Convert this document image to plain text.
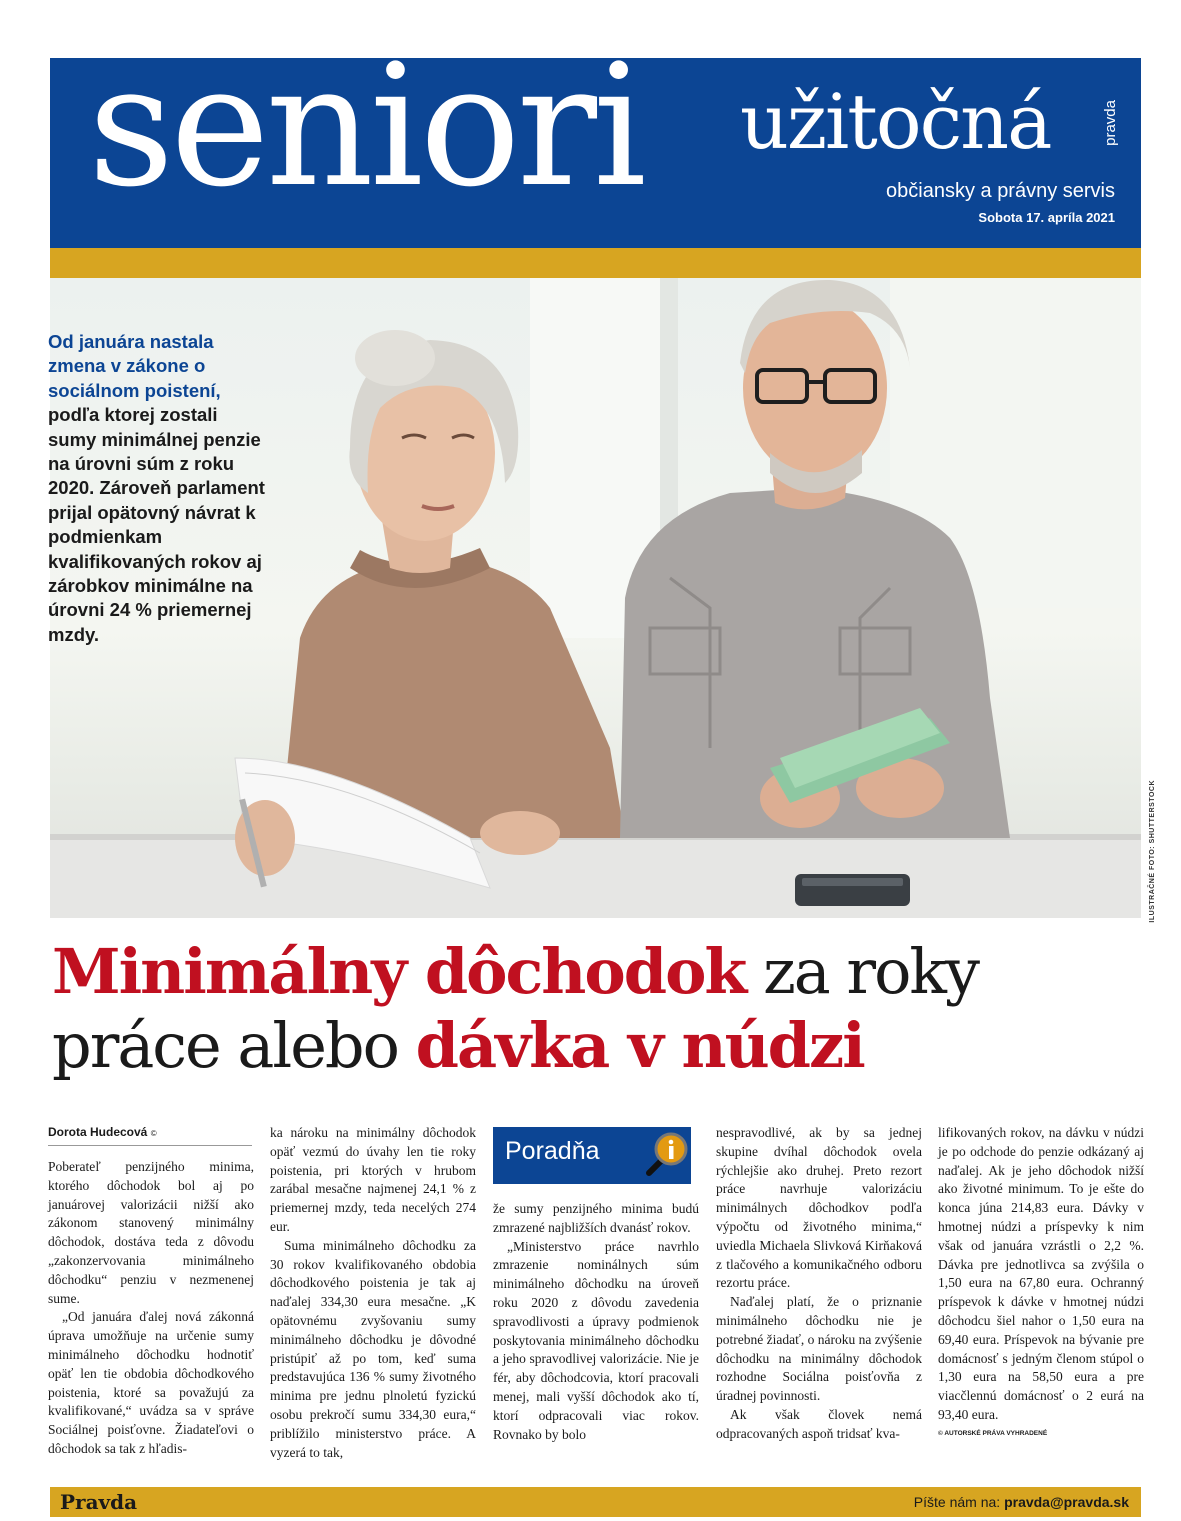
seniori užitočná	pravda
občiansky a právny servis
Sobota 17. apríla 2021

Od januára nastala zmena v zákone o sociálnom poistení, podľa ktorej zostali sumy minimálnej penzie na úrovni súm z roku 2020. Zároveň parlament prijal opätovný návrat k podmienkam kvalifikovaných rokov aj zárobkov minimálne na úrovni 24 % priemernej mzdy.

ILUSTRAČNÉ FOTO: SHUTTERSTOCK
Minimálny dôchodok za roky práce alebo dávka v núdzi
Dorota Hudecová ©

Poberateľ penzijného minima, ktorého dôchodok bol aj po januárovej valorizácii nižší ako zákonom stanovený minimálny dôchodok, dostáva teda z dôvodu „zakonzervovania minimálneho dôchodku“ penziu v nezmenenej sume.

„Od januára ďalej nová zákonná úprava umožňuje na určenie sumy minimálneho dôchodku hodnotiť opäť len tie obdobia dôchodkového poistenia, ktoré sa považujú za kvalifikované,“ uvádza sa v správe Sociálnej poisťovne. Žiadateľovi o dôchodok sa tak z hľadis-

ka nároku na minimálny dôchodok opäť vezmú do úvahy len tie roky poistenia, pri ktorých v hrubom zarábal mesačne najmenej 24,1 % z priemernej mzdy, teda necelých 274 eur.

Suma minimálneho dôchodku za 30 rokov kvalifikovaného obdobia dôchodkového poistenia je tak aj naďalej 334,30 eura mesačne. „K opätovnému zvyšovaniu sumy minimálneho dôchodku je dôvodné pristúpiť až po tom, keď suma predstavujúca 136 % sumy životného minima pre jednu plnoletú fyzickú osobu prekročí sumu 334,30 eura,“ priblížilo ministerstvo práce. A vyzerá to tak,

Poradňa

že sumy penzijného minima budú zmrazené najbližších dvanásť rokov.

„Ministerstvo práce navrhlo zmrazenie nominálnych súm minimálneho dôchodku na úroveň roku 2020 z dôvodu zavedenia spravodlivosti a úpravy podmienok poskytovania minimálneho dôchodku a jeho spravodlivej valorizácie. Nie je fér, aby dôchodcovia, ktorí pracovali menej, mali vyšší dôchodok ako tí, ktorí odpracovali viac rokov. Rovnako by bolo

nespravodlivé, ak by sa jednej skupine dvíhal dôchodok ovela rýchlejšie ako druhej. Preto rezort práce navrhuje valorizáciu minimálnych dôchodkov podľa výpočtu od životného minima,“ uviedla Michaela Slivková Kirňaková z tlačového a komunikačného odboru rezortu práce.

Naďalej platí, že o priznanie minimálneho dôchodku nie je potrebné žiadať, o nároku na zvýšenie dôchodku na minimálny dôchodok rozhodne Sociálna poisťovňa z úradnej povinnosti.

Ak však človek nemá odpracovaných aspoň tridsať kva-

lifikovaných rokov, na dávku v núdzi je po odchode do penzie odkázaný aj naďalej. Ak je jeho dôchodok nižší ako životné minimum. To je ešte do konca júna 214,83 eura. Dávky v hmotnej núdzi a príspevky k nim však od januára vzrástli o 2,2 %. Dávka pre jednotlivca sa zvýšila o 1,50 eura na 67,80 eura. Ochranný príspevok k dávke v hmotnej núdzi dôchodcu šiel nahor o 1,50 eura na 69,40 eura. Príspevok na bývanie pre domácnosť s jedným členom stúpol o 1,30 eura na 58,50 eura a pre viacčlennú domácnosť o 2 eurá na 93,40 eura.

© AUTORSKÉ PRÁVA VYHRADENÉ

Pravda	Píšte nám na: pravda@pravda.sk
